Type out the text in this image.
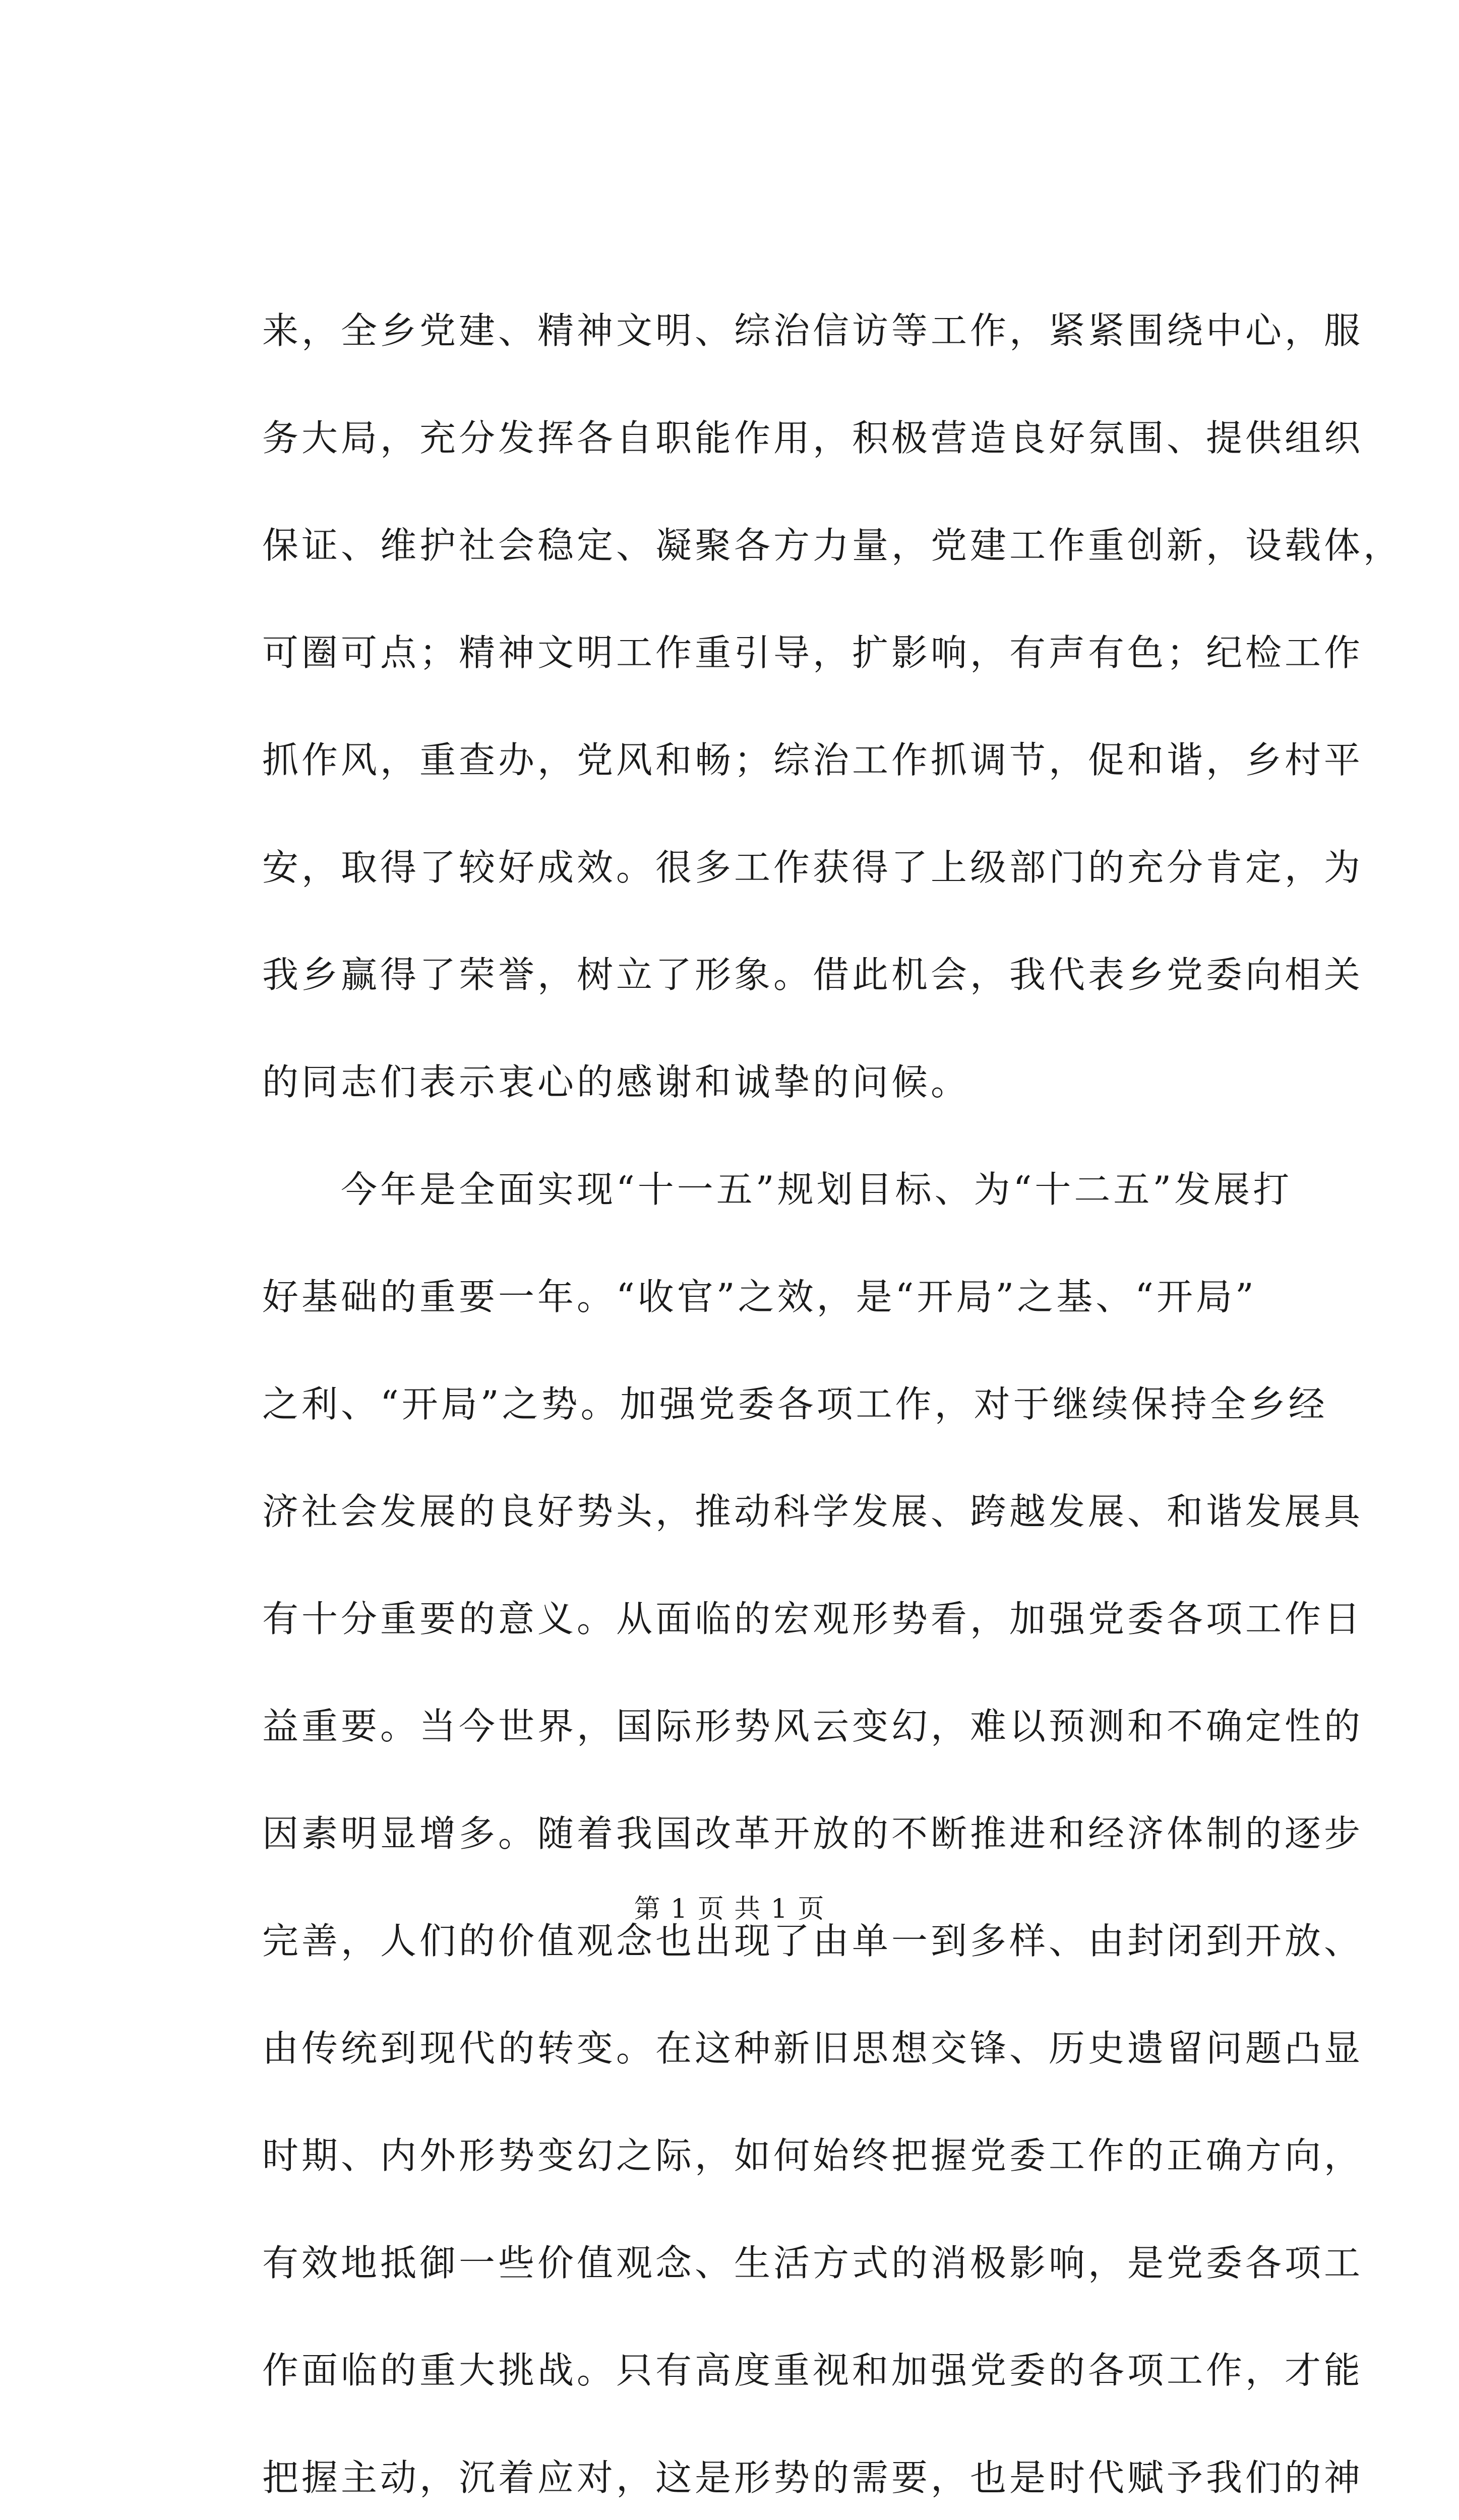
来，全乡党建、精神文明、综治信访等工作，紧紧围绕中心，服
务大局，充分发挥各自职能作用，积极营造良好氛围、提供组织
保证、维护社会稳定、凝聚各方力量，党建工作重创新，设载体，
可圈可点；精神文明工作重引导，扩影响，有声有色；纪检工作
抓作风，重查办，党风和畅；综治工作抓调节，促和谐，乡村平
安，取得了较好成效。很多工作获得了上级部门的充分肯定，为
我乡赢得了荣誉，树立了形象。借此机会，我代表乡党委向相关
的同志们表示衷心的感谢和诚挚的问候。
　　今年是全面实现“十一五”规划目标、为“十二五”发展打
好基础的重要一年。“收官”之效，是“开局”之基、“开局”
之利、“开局”之势。加强党委各项工作，对于继续保持全乡经
济社会发展的良好势头，推动科学发展、跨越发展、和谐发展具
有十分重要的意义。从面临的宏观形势看，加强党委各项工作日
益重要。当今世界，国际形势风云变幻，难以预测和不确定性的
因素明显增多。随着我国改革开放的不断推进和经济体制的逐步
完善，人们的价值观念也出现了由单一到多样、由封闭到开放、
由传统到现代的转变。在这种新旧思想交锋、历史遗留问题凸显
时期、内外形势变幻之际，如何始终把握党委工作的正确方向，
有效地抵御一些价值观念、生活方式的消极影响，是党委各项工
作面临的重大挑战。只有高度重视和加强党委的各项工作，才能
把握主动，沉着应对，这是形势的需要，也是时代赋予我们的神
第 1 页 共 1 页
